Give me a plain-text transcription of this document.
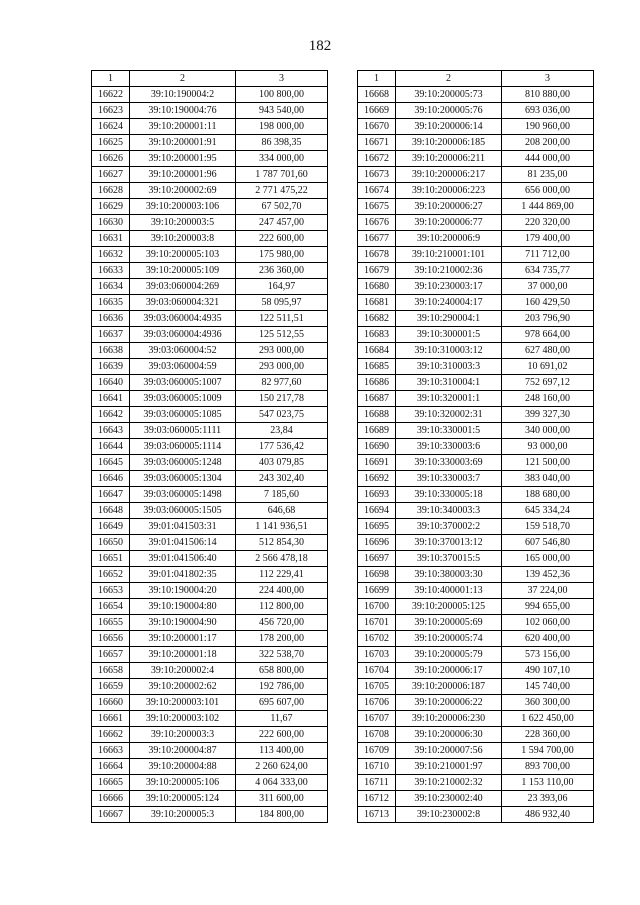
182
1	2	3
16622	39:10:190004:2	100 800,00
16623	39:10:190004:76	943 540,00
16624	39:10:200001:11	198 000,00
16625	39:10:200001:91	86 398,35
16626	39:10:200001:95	334 000,00
16627	39:10:200001:96	1 787 701,60
16628	39:10:200002:69	2 771 475,22
16629	39:10:200003:106	67 502,70
16630	39:10:200003:5	247 457,00
16631	39:10:200003:8	222 600,00
16632	39:10:200005:103	175 980,00
16633	39:10:200005:109	236 360,00
16634	39:03:060004:269	164,97
16635	39:03:060004:321	58 095,97
16636	39:03:060004:4935	122 511,51
16637	39:03:060004:4936	125 512,55
16638	39:03:060004:52	293 000,00
16639	39:03:060004:59	293 000,00
16640	39:03:060005:1007	82 977,60
16641	39:03:060005:1009	150 217,78
16642	39:03:060005:1085	547 023,75
16643	39:03:060005:1111	23,84
16644	39:03:060005:1114	177 536,42
16645	39:03:060005:1248	403 079,85
16646	39:03:060005:1304	243 302,40
16647	39:03:060005:1498	7 185,60
16648	39:03:060005:1505	646,68
16649	39:01:041503:31	1 141 936,51
16650	39:01:041506:14	512 854,30
16651	39:01:041506:40	2 566 478,18
16652	39:01:041802:35	112 229,41
16653	39:10:190004:20	224 400,00
16654	39:10:190004:80	112 800,00
16655	39:10:190004:90	456 720,00
16656	39:10:200001:17	178 200,00
16657	39:10:200001:18	322 538,70
16658	39:10:200002:4	658 800,00
16659	39:10:200002:62	192 786,00
16660	39:10:200003:101	695 607,00
16661	39:10:200003:102	11,67
16662	39:10:200003:3	222 600,00
16663	39:10:200004:87	113 400,00
16664	39:10:200004:88	2 260 624,00
16665	39:10:200005:106	4 064 333,00
16666	39:10:200005:124	311 600,00
16667	39:10:200005:3	184 800,00
1	2	3
16668	39:10:200005:73	810 880,00
16669	39:10:200005:76	693 036,00
16670	39:10:200006:14	190 960,00
16671	39:10:200006:185	208 200,00
16672	39:10:200006:211	444 000,00
16673	39:10:200006:217	81 235,00
16674	39:10:200006:223	656 000,00
16675	39:10:200006:27	1 444 869,00
16676	39:10:200006:77	220 320,00
16677	39:10:200006:9	179 400,00
16678	39:10:210001:101	711 712,00
16679	39:10:210002:36	634 735,77
16680	39:10:230003:17	37 000,00
16681	39:10:240004:17	160 429,50
16682	39:10:290004:1	203 796,90
16683	39:10:300001:5	978 664,00
16684	39:10:310003:12	627 480,00
16685	39:10:310003:3	10 691,02
16686	39:10:310004:1	752 697,12
16687	39:10:320001:1	248 160,00
16688	39:10:320002:31	399 327,30
16689	39:10:330001:5	340 000,00
16690	39:10:330003:6	93 000,00
16691	39:10:330003:69	121 500,00
16692	39:10:330003:7	383 040,00
16693	39:10:330005:18	188 680,00
16694	39:10:340003:3	645 334,24
16695	39:10:370002:2	159 518,70
16696	39:10:370013:12	607 546,80
16697	39:10:370015:5	165 000,00
16698	39:10:380003:30	139 452,36
16699	39:10:400001:13	37 224,00
16700	39:10:200005:125	994 655,00
16701	39:10:200005:69	102 060,00
16702	39:10:200005:74	620 400,00
16703	39:10:200005:79	573 156,00
16704	39:10:200006:17	490 107,10
16705	39:10:200006:187	145 740,00
16706	39:10:200006:22	360 300,00
16707	39:10:200006:230	1 622 450,00
16708	39:10:200006:30	228 360,00
16709	39:10:200007:56	1 594 700,00
16710	39:10:210001:97	893 700,00
16711	39:10:210002:32	1 153 110,00
16712	39:10:230002:40	23 393,06
16713	39:10:230002:8	486 932,40
